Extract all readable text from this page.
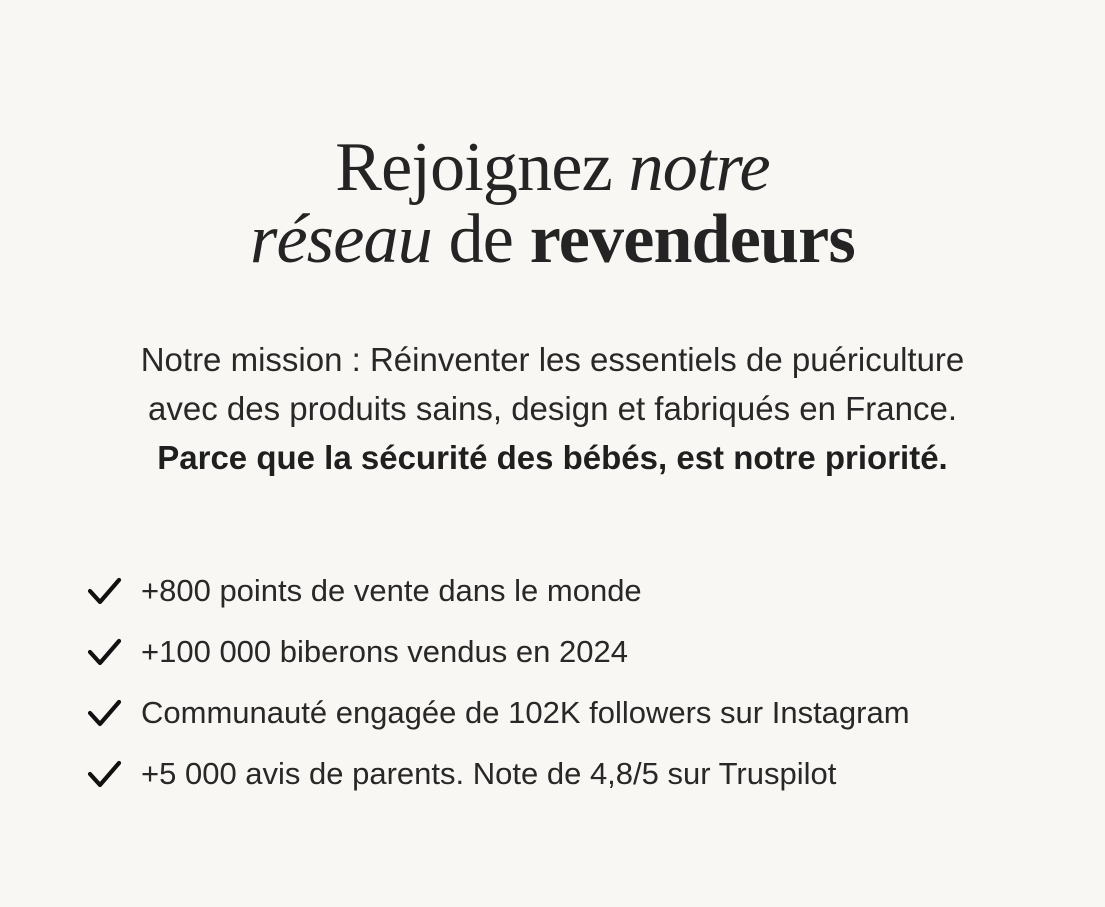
Rejoignez notre
réseau de revendeurs

Notre mission : Réinventer les essentiels de puériculture
avec des produits sains, design et fabriqués en France.
Parce que la sécurité des bébés, est notre priorité.

+800 points de vente dans le monde
+100 000 biberons vendus en 2024
Communauté engagée de 102K followers sur Instagram
+5 000 avis de parents. Note de 4,8/5 sur Truspilot
